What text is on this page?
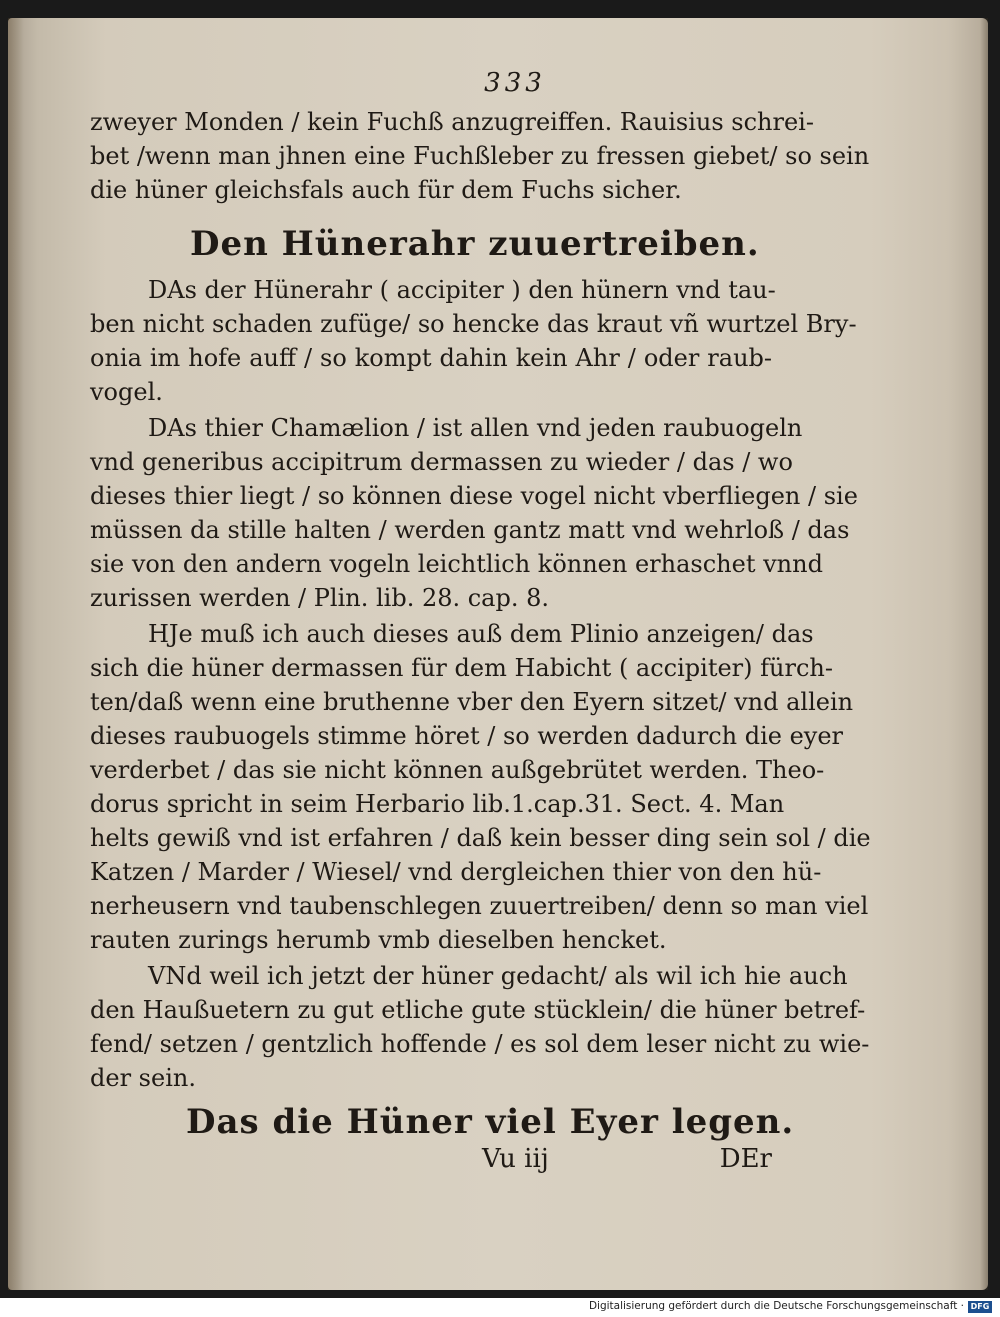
333
zweyer Monden / kein Fuchß anzugreiffen. Rauisius schrei-
bet /wenn man jhnen eine Fuchßleber zu fressen giebet/ so sein
die hüner gleichsfals auch für dem Fuchs sicher.
Den Hünerahr zuuertreiben.
DAs der Hünerahr ( accipiter ) den hünern vnd tau-
ben nicht schaden zufüge/ so hencke das kraut vñ wurtzel Bry-
onia im hofe auff / so kompt dahin kein Ahr / oder raub-
vogel.
DAs thier Chamælion / ist allen vnd jeden raubuogeln
vnd generibus accipitrum dermassen zu wieder / das / wo
dieses thier liegt / so können diese vogel nicht vberfliegen / sie
müssen da stille halten / werden gantz matt vnd wehrloß / das
sie von den andern vogeln leichtlich können erhaschet vnnd
zurissen werden / Plin. lib. 28. cap. 8.
HJe muß ich auch dieses auß dem Plinio anzeigen/ das
sich die hüner dermassen für dem Habicht ( accipiter) fürch-
ten/daß wenn eine bruthenne vber den Eyern sitzet/ vnd allein
dieses raubuogels stimme höret / so werden dadurch die eyer
verderbet / das sie nicht können außgebrütet werden. Theo-
dorus spricht in seim Herbario lib.1.cap.31. Sect. 4. Man
helts gewiß vnd ist erfahren / daß kein besser ding sein sol / die
Katzen / Marder / Wiesel/ vnd dergleichen thier von den hü-
nerheusern vnd taubenschlegen zuuertreiben/ denn so man viel
rauten zurings herumb vmb dieselben hencket.
VNd weil ich jetzt der hüner gedacht/ als wil ich hie auch
den Haußuetern zu gut etliche gute stücklein/ die hüner betref-
fend/ setzen / gentzlich hoffende / es sol dem leser nicht zu wie-
der sein.
Das die Hüner viel Eyer legen.
Vu iij	DEr
Digitalisierung gefördert durch die Deutsche Forschungsgemeinschaft · DFG
